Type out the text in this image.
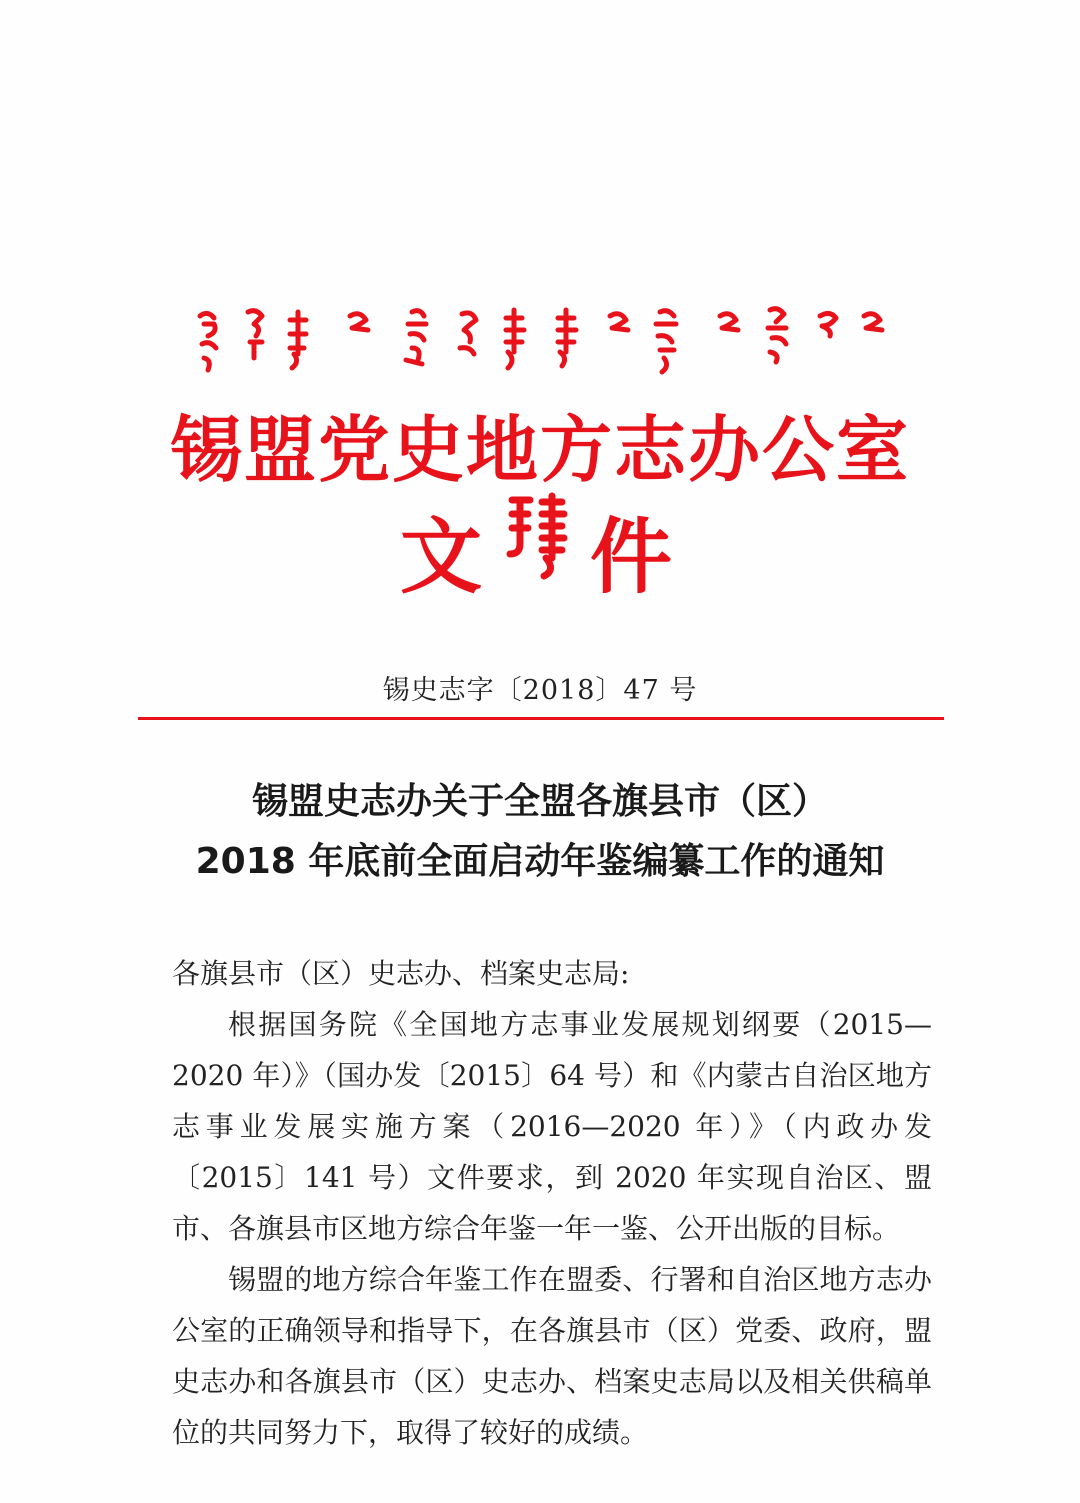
锡盟党史地方志办公室
文 件
锡史志字〔2018〕47 号
锡盟史志办关于全盟各旗县市（区）
2018 年底前全面启动年鉴编纂工作的通知

各旗县市（区）史志办、档案史志局:

根据国务院《全国地方志事业发展规划纲要（2015—2020 年）》（国办发〔2015〕64 号）和《内蒙古自治区地方志事业发展实施方案（2016—2020 年）》（内政办发〔2015〕141 号）文件要求，到 2020 年实现自治区、盟市、各旗县市区地方综合年鉴一年一鉴、公开出版的目标。

锡盟的地方综合年鉴工作在盟委、行署和自治区地方志办公室的正确领导和指导下，在各旗县市（区）党委、政府，盟史志办和各旗县市（区）史志办、档案史志局以及相关供稿单位的共同努力下，取得了较好的成绩。
